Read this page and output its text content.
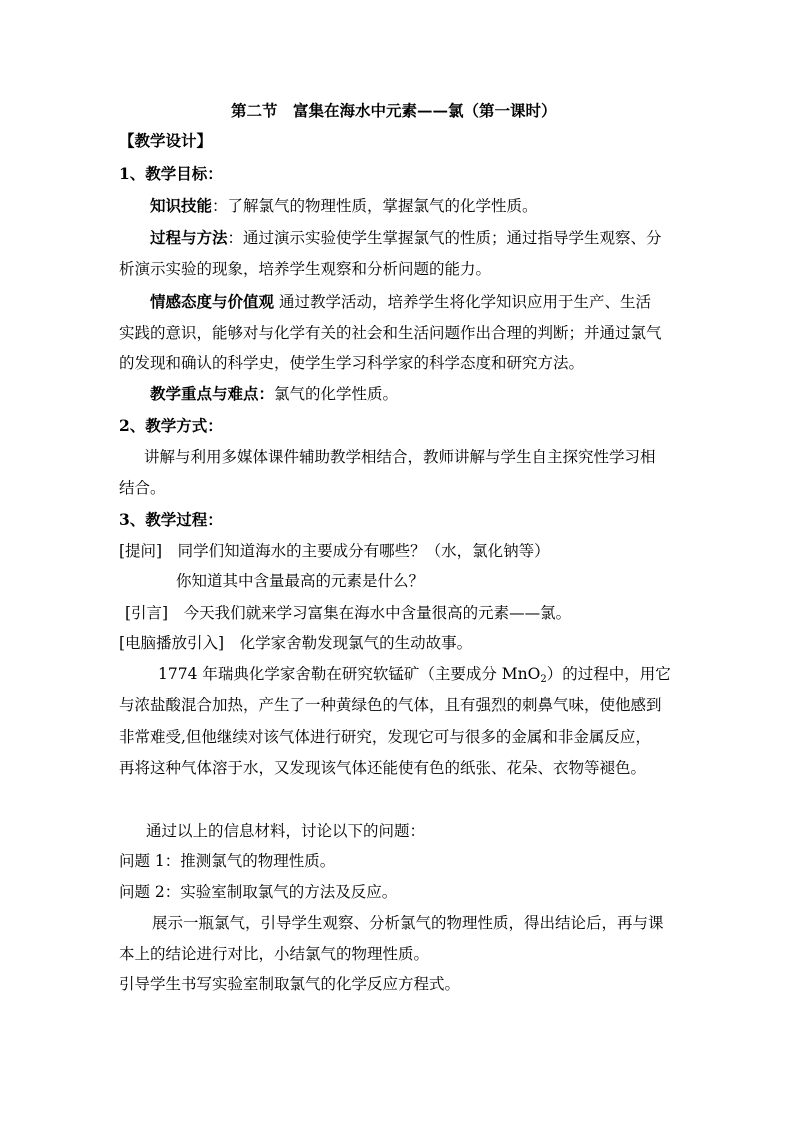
第二节　富集在海水中元素——氯（第一课时）
【教学设计】
1、教学目标：
知识技能：了解氯气的物理性质，掌握氯气的化学性质。
过程与方法：通过演示实验使学生掌握氯气的性质；通过指导学生观察、分
析演示实验的现象，培养学生观察和分析问题的能力。
情感态度与价值观 通过教学活动，培养学生将化学知识应用于生产、生活
实践的意识，能够对与化学有关的社会和生活问题作出合理的判断；并通过氯气
的发现和确认的科学史，使学生学习科学家的科学态度和研究方法。
教学重点与难点：氯气的化学性质。
2、教学方式：
讲解与利用多媒体课件辅助教学相结合，教师讲解与学生自主探究性学习相
结合。
3、教学过程：
[提问]　同学们知道海水的主要成分有哪些？（水，氯化钠等）
你知道其中含量最高的元素是什么？
[引言]　今天我们就来学习富集在海水中含量很高的元素——氯。
[电脑播放引入]　化学家舍勒发现氯气的生动故事。
1774 年瑞典化学家舍勒在研究软锰矿（主要成分 MnO$_2$）的过程中，用它
与浓盐酸混合加热，产生了一种黄绿色的气体，且有强烈的刺鼻气味，使他感到
非常难受,但他继续对该气体进行研究，发现它可与很多的金属和非金属反应，
再将这种气体溶于水，又发现该气体还能使有色的纸张、花朵、衣物等褪色。
通过以上的信息材料，讨论以下的问题：
问题 1：推测氯气的物理性质。
问题 2：实验室制取氯气的方法及反应。
展示一瓶氯气，引导学生观察、分析氯气的物理性质，得出结论后，再与课
本上的结论进行对比，小结氯气的物理性质。
引导学生书写实验室制取氯气的化学反应方程式。
